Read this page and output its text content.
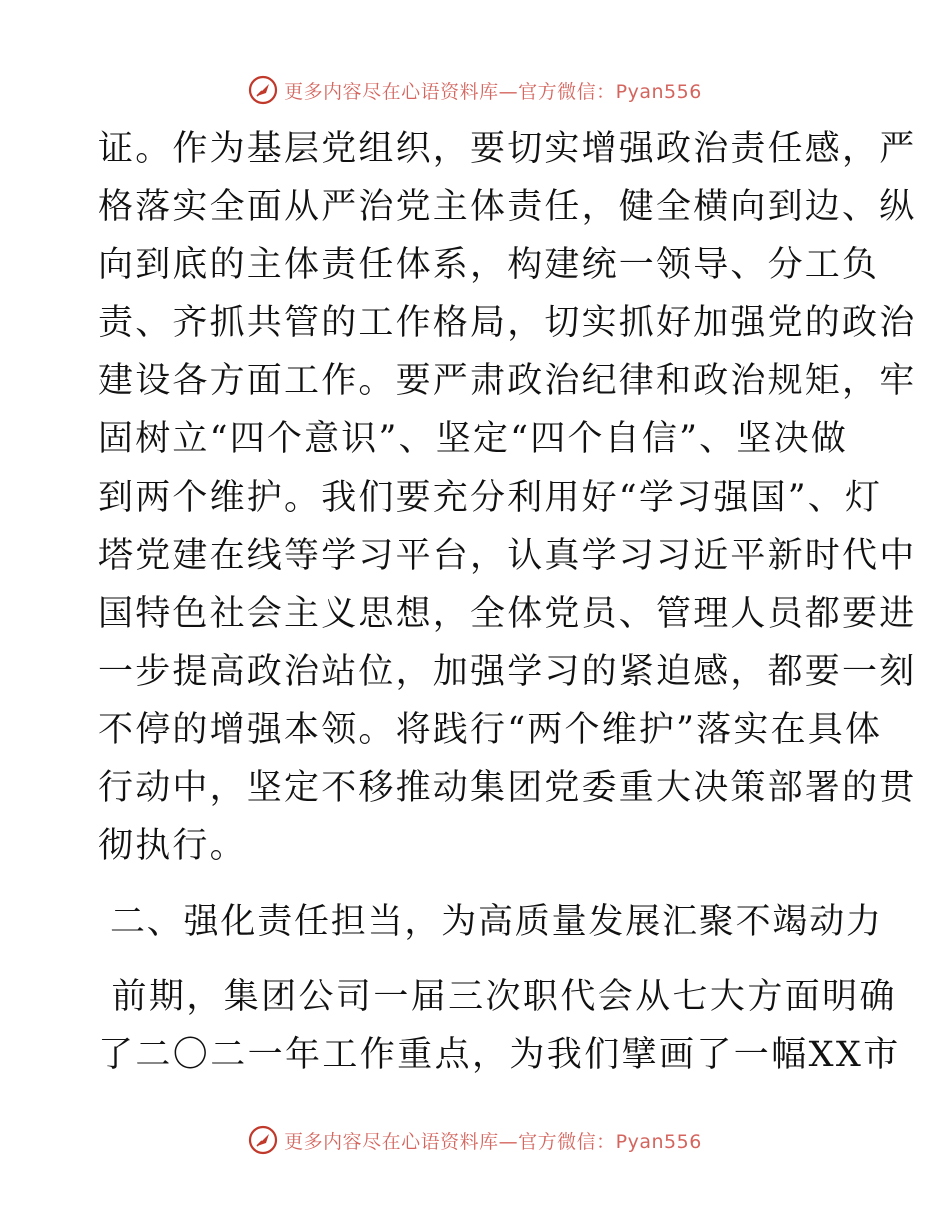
更多内容尽在心语资料库—官方微信：Pyan556
证。作为基层党组织，要切实增强政治责任感，严
格落实全面从严治党主体责任，健全横向到边、纵
向到底的主体责任体系，构建统一领导、分工负
责、齐抓共管的工作格局，切实抓好加强党的政治
建设各方面工作。要严肃政治纪律和政治规矩，牢
固树立“四个意识”、坚定“四个自信”、坚决做
到两个维护。我们要充分利用好“学习强国”、灯
塔党建在线等学习平台，认真学习习近平新时代中
国特色社会主义思想，全体党员、管理人员都要进
一步提高政治站位，加强学习的紧迫感，都要一刻
不停的增强本领。将践行“两个维护”落实在具体
行动中，坚定不移推动集团党委重大决策部署的贯
彻执行。
二、强化责任担当，为高质量发展汇聚不竭动力
前期，集团公司一届三次职代会从七大方面明确
了二〇二一年工作重点，为我们擘画了一幅XX市
更多内容尽在心语资料库—官方微信：Pyan556
